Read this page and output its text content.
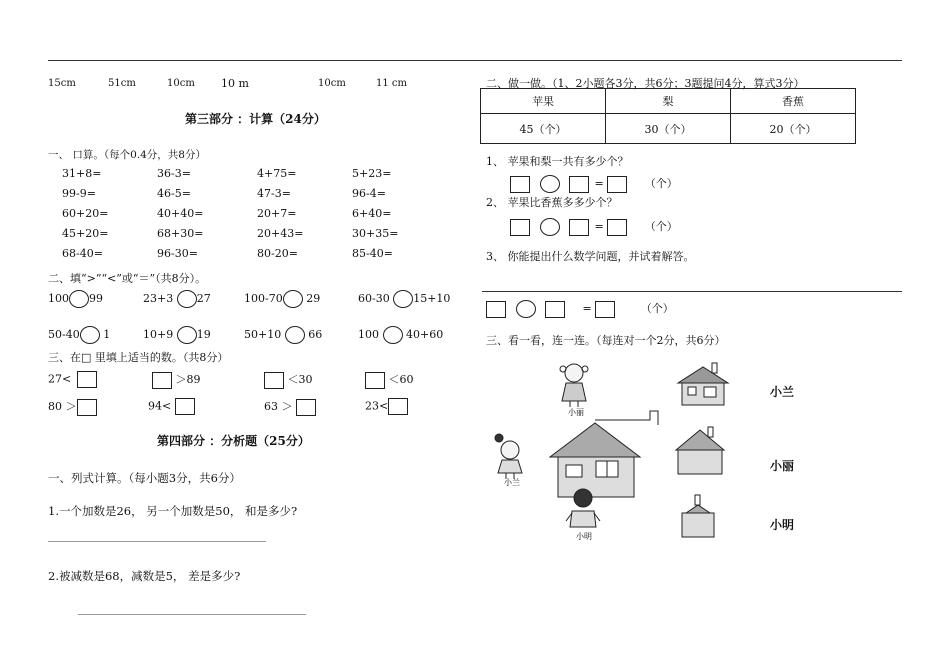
15cm	51cm	10cm 10 m	10cm	11 cm
第三部分 ：计算（24分）
一、 口算。（每个0.4分，共8分）
31+8=	36-3=	4+75=	5+23=
99-9=	46-5=	47-3=	96-4=
60+20=	40+40=	20+7=	6+40=
45+20=	68+30=	20+43=	30+35=
68-40=	96-30=	80-20=	85-40=
二、填“>”“<”或“＝”（共8分）。
100 99	23+3 27	100-70 29	60-30 15+10
50-40 1	10+9 19	50+10 66	100 40+60
三、在□ 里填上适当的数。（共8分）
27<	＞89	＜30	＜60
80 ＞	94<	63 ＞	23<
第四部分 ：分析题（25分）
一、列式计算。（每小题3分，共6分）
1.一个加数是26， 另一个加数是50， 和是多少?
2.被减数是68，减数是5， 差是多少?
二、做一做。（1、2小题各3分，共6分；3题提问4分，算式3分）
苹果	梨	香蕉
45（个）	30（个）	20（个）
1、 苹果和梨一共有多少个？
=	（个）
2、 苹果比香蕉多多少个？
=	（个）
3、 你能提出什么数学问题，并试着解答。
=	（个）
三、看一看，连一连。（每连对一个2分，共6分）
小丽
小兰
小明
小兰
小丽
小明
